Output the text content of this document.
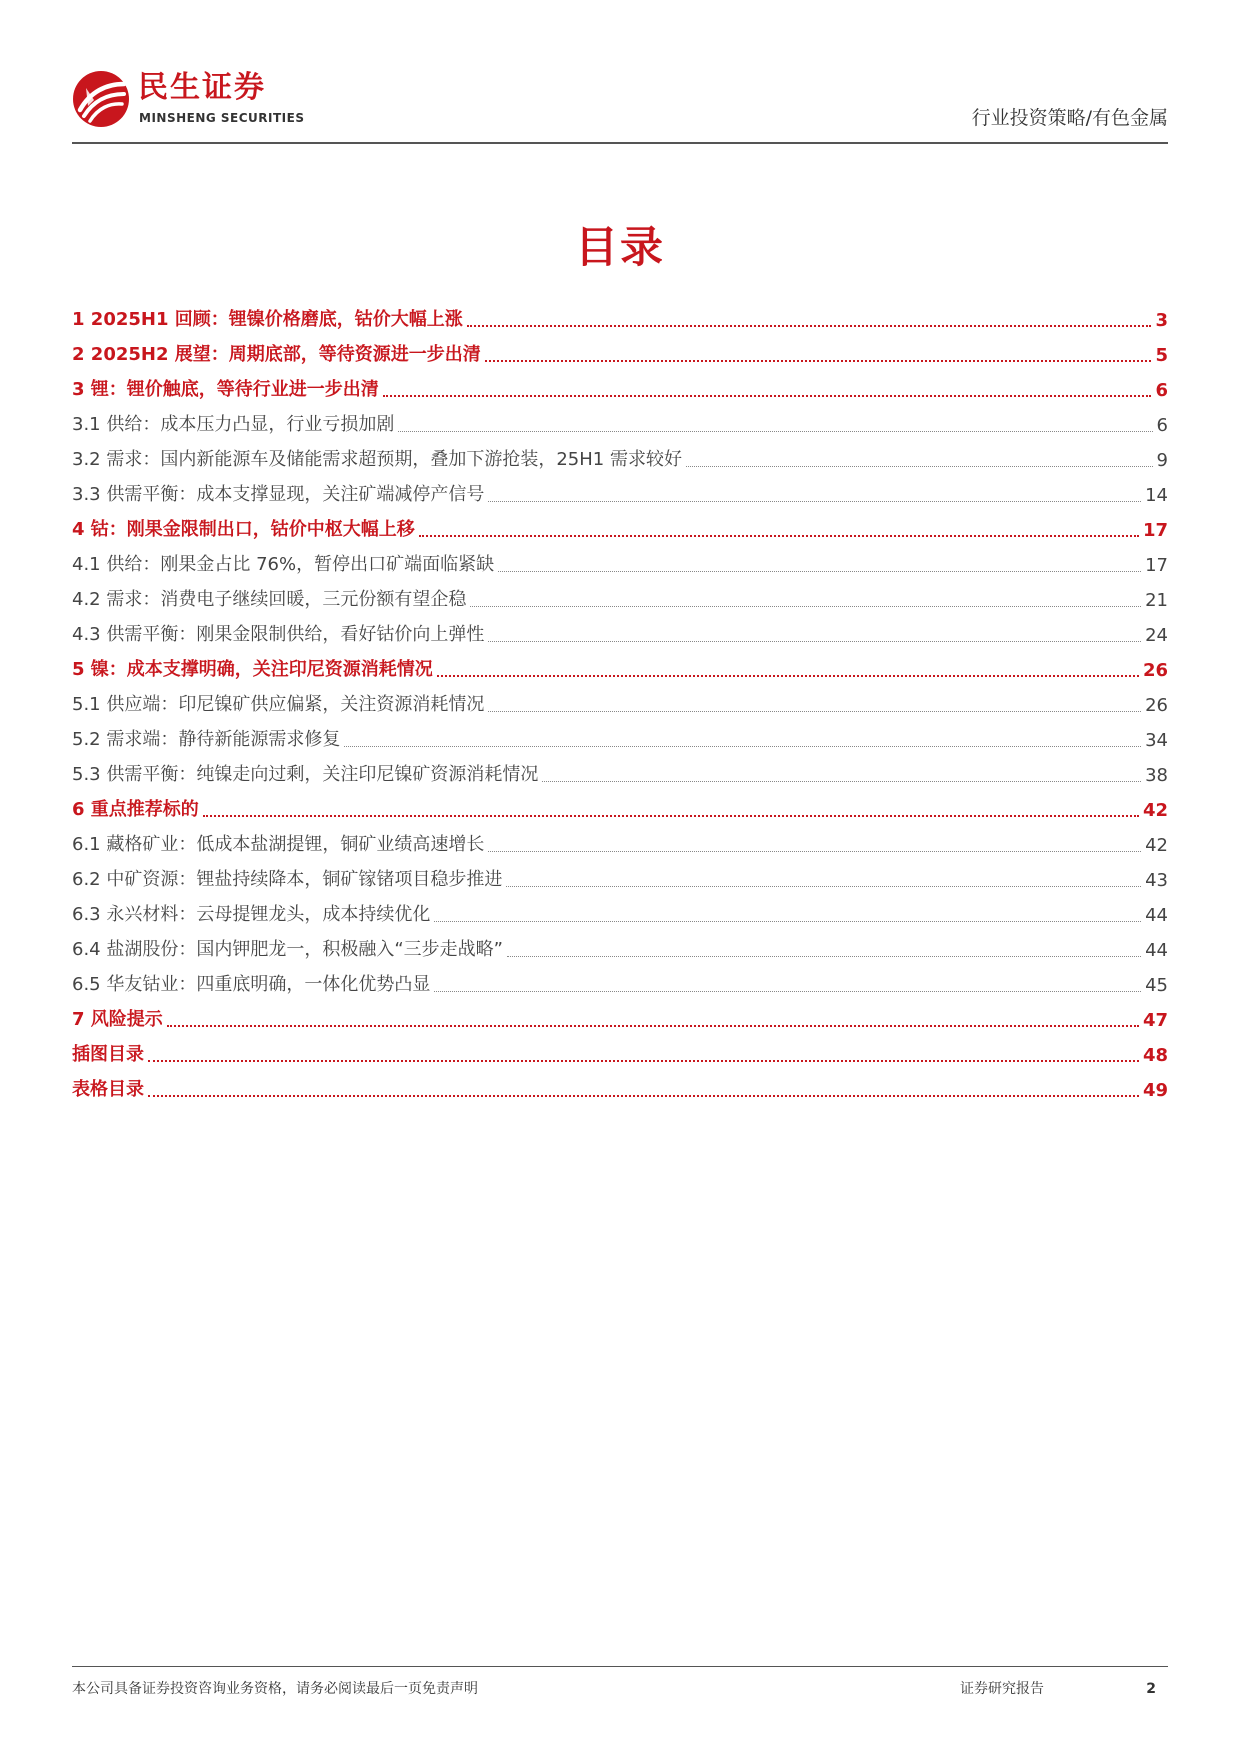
民生证券
MINSHENG SECURITIES	行业投资策略/有色金属
目录
1 2025H1 回顾：锂镍价格磨底，钴价大幅上涨	3
2 2025H2 展望：周期底部，等待资源进一步出清	5
3 锂：锂价触底，等待行业进一步出清	6
3.1 供给：成本压力凸显，行业亏损加剧	6
3.2 需求：国内新能源车及储能需求超预期，叠加下游抢装，25H1 需求较好	9
3.3 供需平衡：成本支撑显现，关注矿端减停产信号	14
4 钴：刚果金限制出口，钴价中枢大幅上移	17
4.1 供给：刚果金占比 76%，暂停出口矿端面临紧缺	17
4.2 需求：消费电子继续回暖，三元份额有望企稳	21
4.3 供需平衡：刚果金限制供给，看好钴价向上弹性	24
5 镍：成本支撑明确，关注印尼资源消耗情况	26
5.1 供应端：印尼镍矿供应偏紧，关注资源消耗情况	26
5.2 需求端：静待新能源需求修复	34
5.3 供需平衡：纯镍走向过剩，关注印尼镍矿资源消耗情况	38
6 重点推荐标的	42
6.1 藏格矿业：低成本盐湖提锂，铜矿业绩高速增长	42
6.2 中矿资源：锂盐持续降本，铜矿镓锗项目稳步推进	43
6.3 永兴材料：云母提锂龙头，成本持续优化	44
6.4 盐湖股份：国内钾肥龙一，积极融入“三步走战略”	44
6.5 华友钴业：四重底明确，一体化优势凸显	45
7 风险提示	47
插图目录	48
表格目录	49
本公司具备证券投资咨询业务资格，请务必阅读最后一页免责声明	证券研究报告	2
